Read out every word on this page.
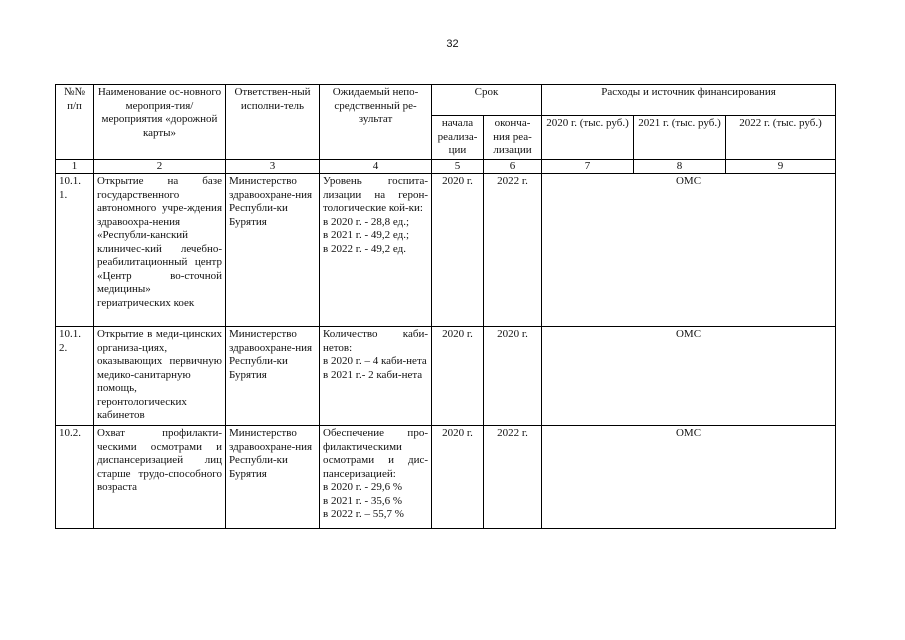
32
№№ п/п	Наименование ос-новного мероприя-тия/мероприятия «дорожной карты»	Ответствен-ный исполни-тель	Ожидаемый непо-средственный ре-зультат	Срок		Расходы и источник финансирования		
				начала реализа-ции	оконча-ния реа-лизации	2020 г. (тыс. руб.)	2021 г. (тыс. руб.)	2022 г. (тыс. руб.)
1	2	3	4	5	6	7	8	9
10.1. 1.	Открытие на базе государственного автономного учре-ждения здравоохра-нения «Республи-канский клиничес-кий лечебно-реабилитационный центр «Центр во-сточной медицины» гериатрических коек	Министерство здравоохране-ния Республи-ки Бурятия	Уровень госпита-лизации на герон-тологические кой-ки:
в 2020 г. - 28,8 ед.;
в 2021 г. - 49,2 ед.;
в 2022 г. - 49,2 ед.	2020 г.	2022 г.	ОМС		
10.1. 2.	Открытие в меди-цинских организа-циях, оказывающих первичную медико-санитарную помощь, геронтологических кабинетов	Министерство здравоохране-ния Республи-ки Бурятия	Количество каби-нетов:
в 2020 г. – 4 каби-нета
в 2021 г.- 2 каби-нета	2020 г.	2020 г.	ОМС		
10.2.	Охват профилакти-ческими осмотрами и диспансеризацией лиц старше трудо-способного возраста	Министерство здравоохране-ния Республи-ки Бурятия	Обеспечение про-филактическими осмотрами и дис-пансеризацией:
в 2020 г. - 29,6 %
в 2021 г. - 35,6 %
в 2022 г. – 55,7 %	2020 г.	2022 г.	ОМС		
